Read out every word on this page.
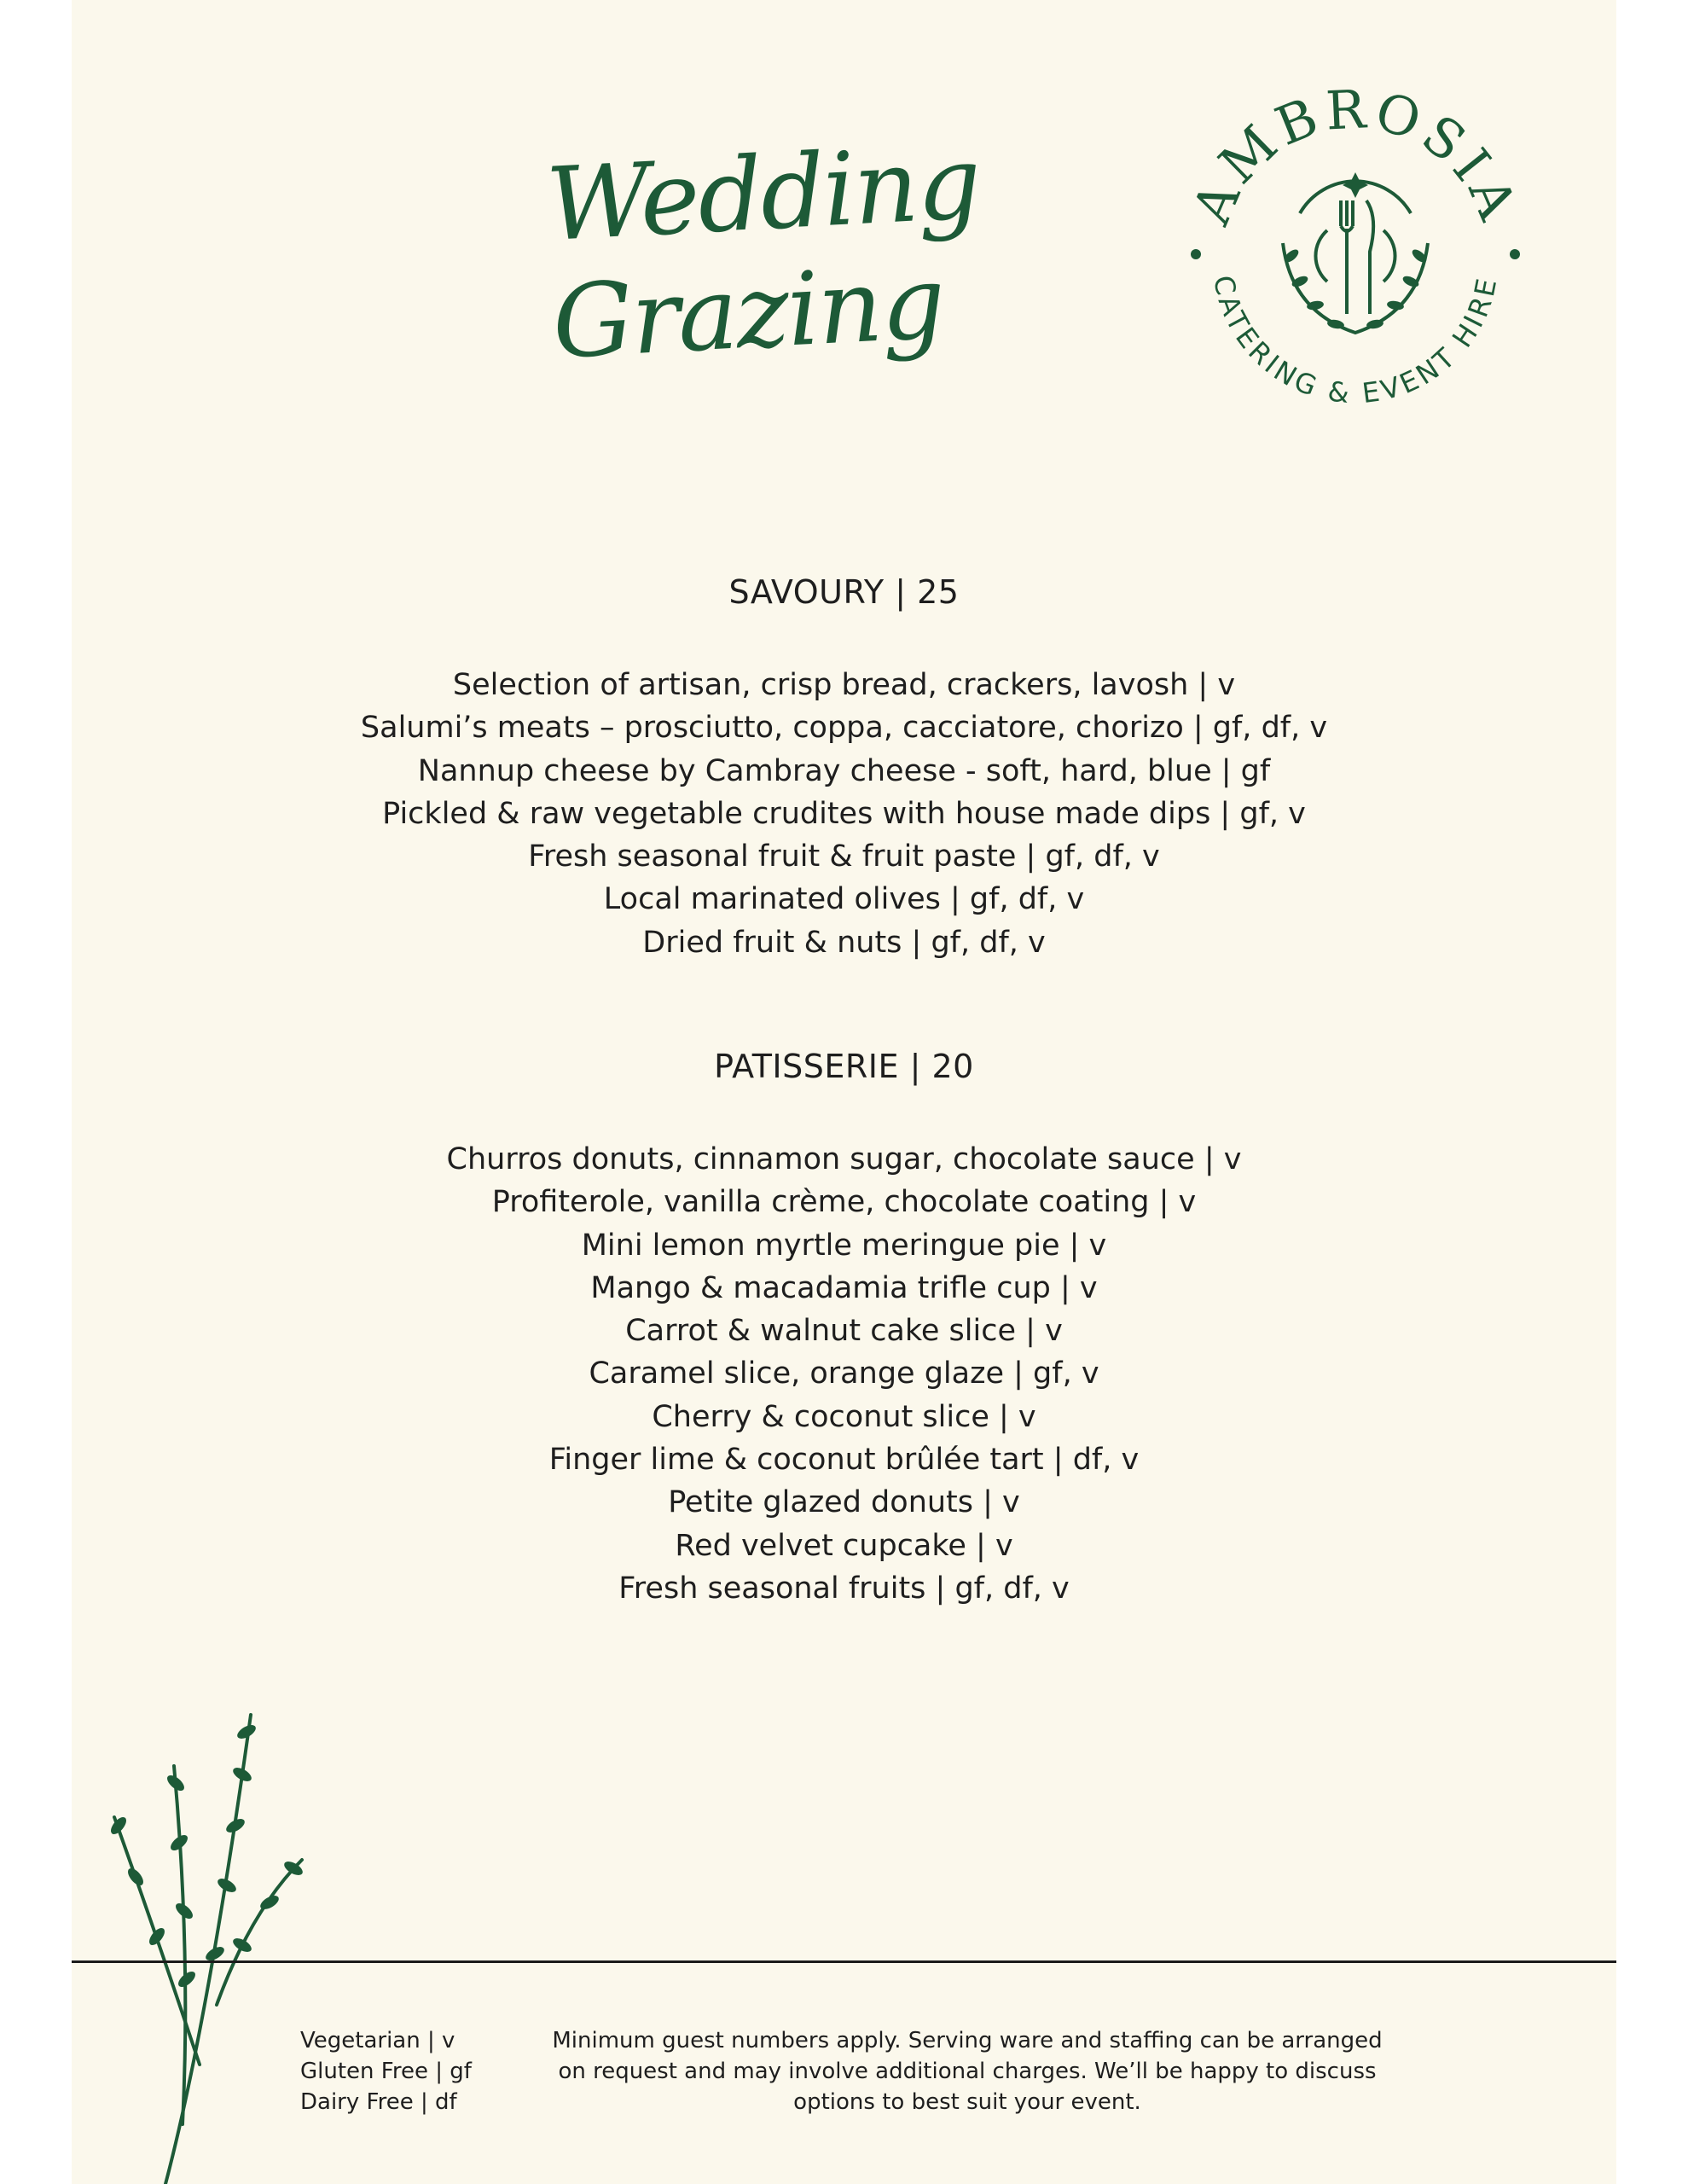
Wedding Grazing
AMBROSIA
CATERING & EVENT HIRE
SAVOURY | 25
Selection of artisan, crisp bread, crackers, lavosh | v
Salumi’s meats – prosciutto, coppa, cacciatore, chorizo | gf, df, v
Nannup cheese by Cambray cheese - soft, hard, blue | gf
Pickled & raw vegetable crudites with house made dips | gf, v
Fresh seasonal fruit & fruit paste | gf, df, v
Local marinated olives | gf, df, v
Dried fruit & nuts | gf, df, v
PATISSERIE | 20
Churros donuts, cinnamon sugar, chocolate sauce | v
Profiterole, vanilla crème, chocolate coating | v
Mini lemon myrtle meringue pie | v
Mango & macadamia trifle cup | v
Carrot & walnut cake slice | v
Caramel slice, orange glaze | gf, v
Cherry & coconut slice | v
Finger lime & coconut brûlée tart | df, v
Petite glazed donuts | v
Red velvet cupcake | v
Fresh seasonal fruits | gf, df, v
Vegetarian | v
Gluten Free | gf
Dairy Free | df
Minimum guest numbers apply. Serving ware and staffing can be arranged on request and may involve additional charges. We’ll be happy to discuss options to best suit your event.
